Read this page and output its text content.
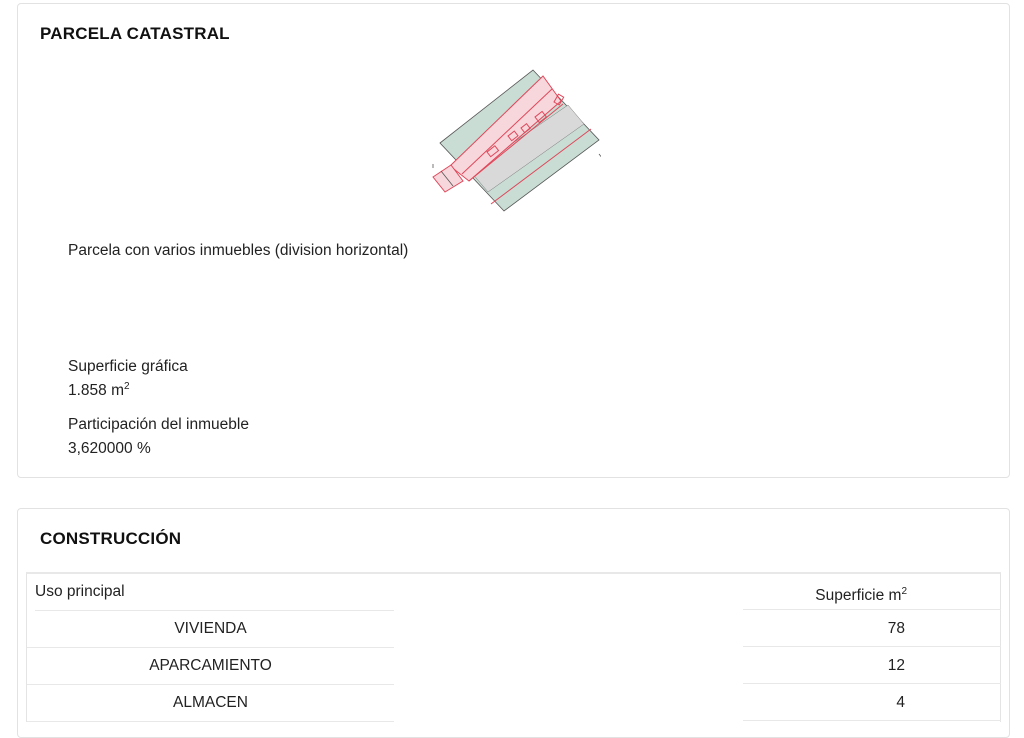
PARCELA CATASTRAL

Parcela con varios inmuebles (division horizontal)

Superficie gráfica

1.858 $m^2$

Participación del inmueble

3,620000 %

CONSTRUCCIÓN
Uso principal	Superficie $m^2$
VIVIENDA	78
APARCAMIENTO	12
ALMACEN	4
